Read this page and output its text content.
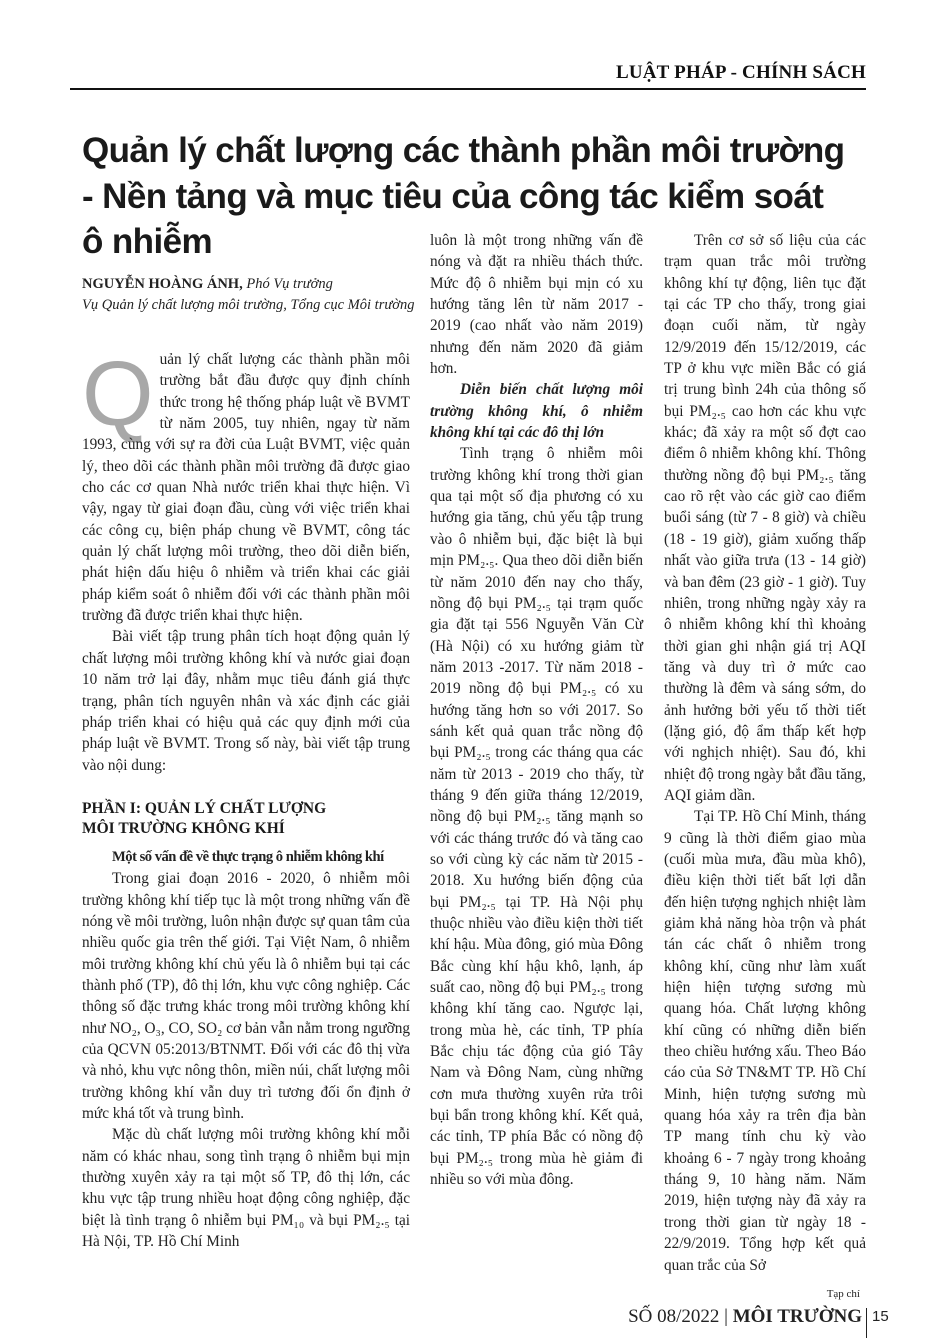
LUẬT PHÁP - CHÍNH SÁCH
Quản lý chất lượng các thành phần môi trường
- Nền tảng và mục tiêu của công tác kiểm soát
ô nhiễm
NGUYỄN HOÀNG ÁNH, Phó Vụ trưởng
Vụ Quản lý chất lượng môi trường, Tổng cục Môi trường

Quản lý chất lượng các thành phần môi trường bắt đầu được quy định chính thức trong hệ thống pháp luật về BVMT từ năm 2005, tuy nhiên, ngay từ năm 1993, cùng với sự ra đời của Luật BVMT, việc quản lý, theo dõi các thành phần môi trường đã được giao cho các cơ quan Nhà nước triển khai thực hiện. Vì vậy, ngay từ giai đoạn đầu, cùng với việc triển khai các công cụ, biện pháp chung về BVMT, công tác quản lý chất lượng môi trường, theo dõi diễn biến, phát hiện dấu hiệu ô nhiễm và triển khai các giải pháp kiểm soát ô nhiễm đối với các thành phần môi trường đã được triển khai thực hiện.

Bài viết tập trung phân tích hoạt động quản lý chất lượng môi trường không khí và nước giai đoạn 10 năm trở lại đây, nhằm mục tiêu đánh giá thực trạng, phân tích nguyên nhân và xác định các giải pháp triển khai có hiệu quả các quy định mới của pháp luật về BVMT. Trong số này, bài viết tập trung vào nội dung:

PHẦN I: QUẢN LÝ CHẤT LƯỢNG
MÔI TRƯỜNG KHÔNG KHÍ

Một số vấn đề về thực trạng ô nhiễm không khí

Trong giai đoạn 2016 - 2020, ô nhiễm môi trường không khí tiếp tục là một trong những vấn đề nóng về môi trường, luôn nhận được sự quan tâm của nhiều quốc gia trên thế giới. Tại Việt Nam, ô nhiễm môi trường không khí chủ yếu là ô nhiễm bụi tại các thành phố (TP), đô thị lớn, khu vực công nghiệp. Các thông số đặc trưng khác trong môi trường không khí như NO₂, O₃, CO, SO₂ cơ bản vẫn nằm trong ngưỡng của QCVN 05:2013/BTNMT. Đối với các đô thị vừa và nhỏ, khu vực nông thôn, miền núi, chất lượng môi trường không khí vẫn duy trì tương đối ổn định ở mức khá tốt và trung bình.

Mặc dù chất lượng môi trường không khí mỗi năm có khác nhau, song tình trạng ô nhiễm bụi mịn thường xuyên xảy ra tại một số TP, đô thị lớn, các khu vực tập trung nhiều hoạt động công nghiệp, đặc biệt là tình trạng ô nhiễm bụi PM₁₀ và bụi PM₂.₅ tại Hà Nội, TP. Hồ Chí Minh

luôn là một trong những vấn đề nóng và đặt ra nhiều thách thức. Mức độ ô nhiễm bụi mịn có xu hướng tăng lên từ năm 2017 - 2019 (cao nhất vào năm 2019) nhưng đến năm 2020 đã giảm hơn.

Diễn biến chất lượng môi trường không khí, ô nhiễm không khí tại các đô thị lớn

Tình trạng ô nhiễm môi trường không khí trong thời gian qua tại một số địa phương có xu hướng gia tăng, chủ yếu tập trung vào ô nhiễm bụi, đặc biệt là bụi mịn PM₂.₅. Qua theo dõi diễn biến từ năm 2010 đến nay cho thấy, nồng độ bụi PM₂.₅ tại trạm quốc gia đặt tại 556 Nguyễn Văn Cừ (Hà Nội) có xu hướng giảm từ năm 2013 -2017. Từ năm 2018 - 2019 nồng độ bụi PM₂.₅ có xu hướng tăng hơn so với 2017. So sánh kết quả quan trắc nồng độ bụi PM₂.₅ trong các tháng qua các năm từ 2013 - 2019 cho thấy, từ tháng 9 đến giữa tháng 12/2019, nồng độ bụi PM₂.₅ tăng mạnh so với các tháng trước đó và tăng cao so với cùng kỳ các năm từ 2015 - 2018. Xu hướng biến động của bụi PM₂.₅ tại TP. Hà Nội phụ thuộc nhiều vào điều kiện thời tiết khí hậu. Mùa đông, gió mùa Đông Bắc cùng khí hậu khô, lạnh, áp suất cao, nồng độ bụi PM₂.₅ trong không khí tăng cao. Ngược lại, trong mùa hè, các tỉnh, TP phía Bắc chịu tác động của gió Tây Nam và Đông Nam, cùng những cơn mưa thường xuyên rửa trôi bụi bẩn trong không khí. Kết quả, các tỉnh, TP phía Bắc có nồng độ bụi PM₂.₅ trong mùa hè giảm đi nhiều so với mùa đông.

Trên cơ sở số liệu của các trạm quan trắc môi trường không khí tự động, liên tục đặt tại các TP cho thấy, trong giai đoạn cuối năm, từ ngày 12/9/2019 đến 15/12/2019, các TP ở khu vực miền Bắc có giá trị trung bình 24h của thông số bụi PM₂.₅ cao hơn các khu vực khác; đã xảy ra một số đợt cao điểm ô nhiễm không khí. Thông thường nồng độ bụi PM₂.₅ tăng cao rõ rệt vào các giờ cao điểm buổi sáng (từ 7 - 8 giờ) và chiều (18 - 19 giờ), giảm xuống thấp nhất vào giữa trưa (13 - 14 giờ) và ban đêm (23 giờ - 1 giờ). Tuy nhiên, trong những ngày xảy ra ô nhiễm không khí thì khoảng thời gian ghi nhận giá trị AQI tăng và duy trì ở mức cao thường là đêm và sáng sớm, do ảnh hưởng bởi yếu tố thời tiết (lặng gió, độ ẩm thấp kết hợp với nghịch nhiệt). Sau đó, khi nhiệt độ trong ngày bắt đầu tăng, AQI giảm dần.

Tại TP. Hồ Chí Minh, tháng 9 cũng là thời điểm giao mùa (cuối mùa mưa, đầu mùa khô), điều kiện thời tiết bất lợi dẫn đến hiện tượng nghịch nhiệt làm giảm khả năng hòa trộn và phát tán các chất ô nhiễm trong không khí, cũng như làm xuất hiện hiện tượng sương mù quang hóa. Chất lượng không khí cũng có những diễn biến theo chiều hướng xấu. Theo Báo cáo của Sở TN&MT TP. Hồ Chí Minh, hiện tượng sương mù quang hóa xảy ra trên địa bàn TP mang tính chu kỳ vào khoảng 6 - 7 ngày trong khoảng tháng 9, 10 hàng năm. Năm 2019, hiện tượng này đã xảy ra trong thời gian từ ngày 18 - 22/9/2019. Tổng hợp kết quả quan trắc của Sở

Tạp chí
SỐ 08/2022 | MÔI TRƯỜNG 15
